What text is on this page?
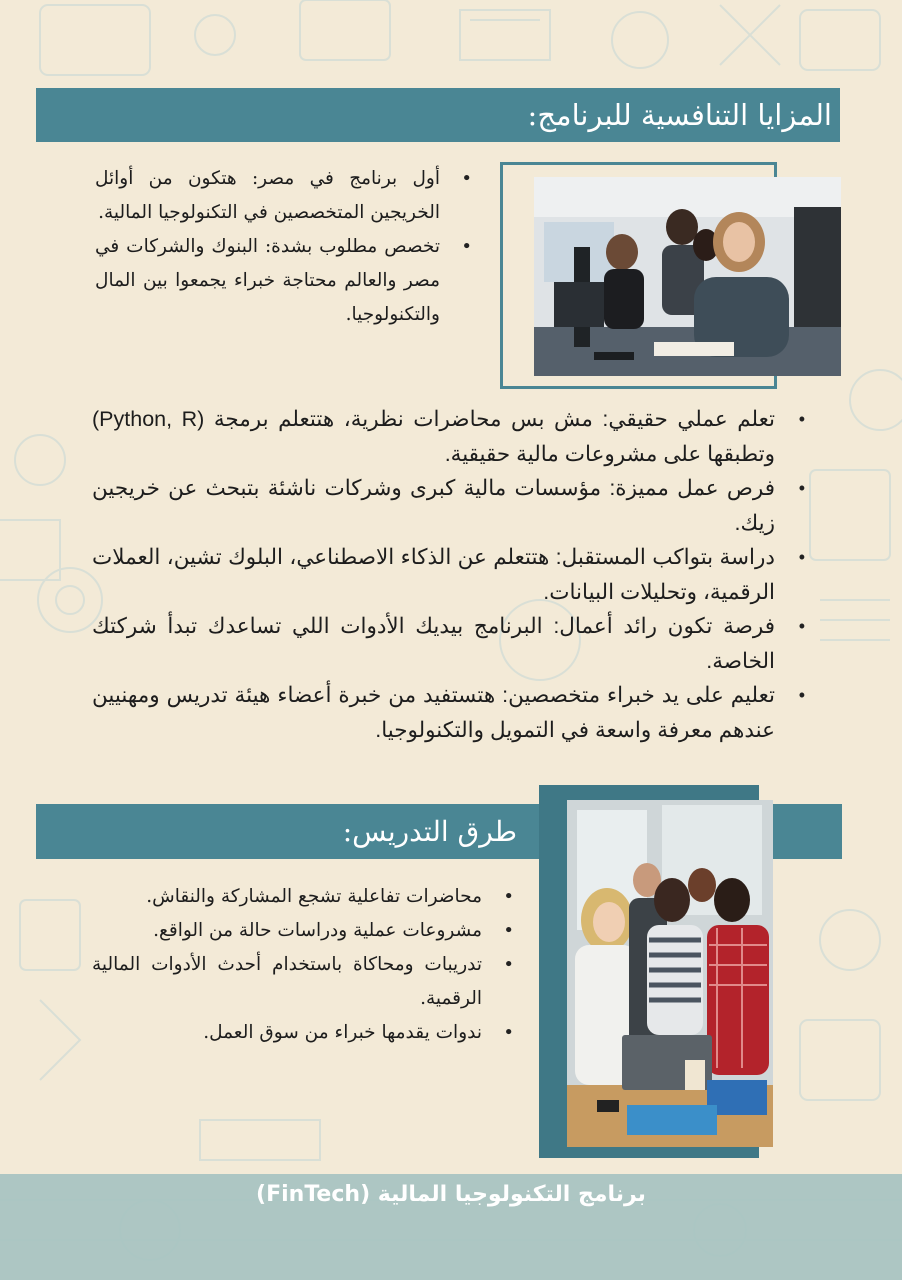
المزايا التنافسية للبرنامج:
• أول برنامج في مصر: هتكون من أوائل الخريجين المتخصصين في التكنولوجيا المالية.
• تخصص مطلوب بشدة: البنوك والشركات في مصر والعالم محتاجة خبراء يجمعوا بين المال والتكنولوجيا.
• تعلم عملي حقيقي: مش بس محاضرات نظرية، هتتعلم برمجة (Python, R) وتطبقها على مشروعات مالية حقيقية.
• فرص عمل مميزة: مؤسسات مالية كبرى وشركات ناشئة بتبحث عن خريجين زيك.
• دراسة بتواكب المستقبل: هتتعلم عن الذكاء الاصطناعي، البلوك تشين، العملات الرقمية، وتحليلات البيانات.
• فرصة تكون رائد أعمال: البرنامج بيديك الأدوات اللي تساعدك تبدأ شركتك الخاصة.
• تعليم على يد خبراء متخصصين: هتستفيد من خبرة أعضاء هيئة تدريس ومهنيين عندهم معرفة واسعة في التمويل والتكنولوجيا.
طرق التدريس:
• محاضرات تفاعلية تشجع المشاركة والنقاش.
• مشروعات عملية ودراسات حالة من الواقع.
• تدريبات ومحاكاة باستخدام أحدث الأدوات المالية الرقمية.
• ندوات يقدمها خبراء من سوق العمل.
برنامج التكنولوجيا المالية (FinTech)
